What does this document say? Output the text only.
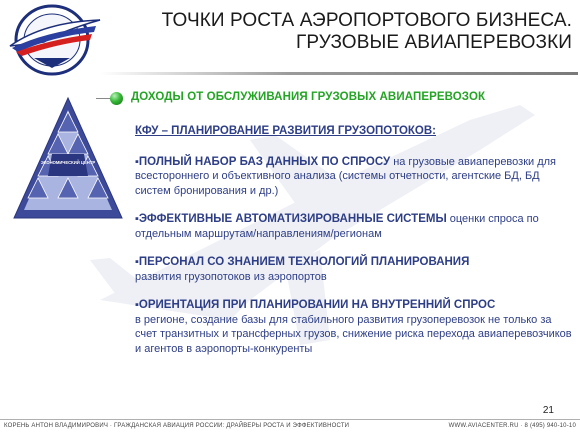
ТОЧКИ РОСТА АЭРОПОРТОВОГО БИЗНЕСА.
ГРУЗОВЫЕ АВИАПЕРЕВОЗКИ
ЭКОНОМИЧЕСКИЙ ЦЕНТР
ДОХОДЫ ОТ ОБСЛУЖИВАНИЯ ГРУЗОВЫХ АВИАПЕРЕВОЗОК
КФУ – ПЛАНИРОВАНИЕ РАЗВИТИЯ ГРУЗОПОТОКОВ:
▪ПОЛНЫЙ НАБОР БАЗ ДАННЫХ ПО СПРОСУ на грузовые авиаперевозки для всестороннего и объективного анализа (системы отчетности, агентские БД, БД систем бронирования и др.)
▪ЭФФЕКТИВНЫЕ АВТОМАТИЗИРОВАННЫЕ СИСТЕМЫ оценки спроса по отдельным маршрутам/направлениям/регионам
▪ПЕРСОНАЛ СО ЗНАНИЕМ ТЕХНОЛОГИЙ ПЛАНИРОВАНИЯ
развития грузопотоков из аэропортов
▪ОРИЕНТАЦИЯ ПРИ ПЛАНИРОВАНИИ НА ВНУТРЕННИЙ СПРОС
в регионе, создание базы для стабильного развития грузоперевозок не только за счет транзитных и трансферных грузов, снижение риска перехода авиаперевозчиков и агентов в аэропорты-конкуренты
21
КОРЕНЬ АНТОН ВЛАДИМИРОВИЧ · ГРАЖДАНСКАЯ АВИАЦИЯ РОССИИ: ДРАЙВЕРЫ РОСТА И ЭФФЕКТИВНОСТИ	WWW.AVIACENTER.RU · 8 (495) 940-10-10
